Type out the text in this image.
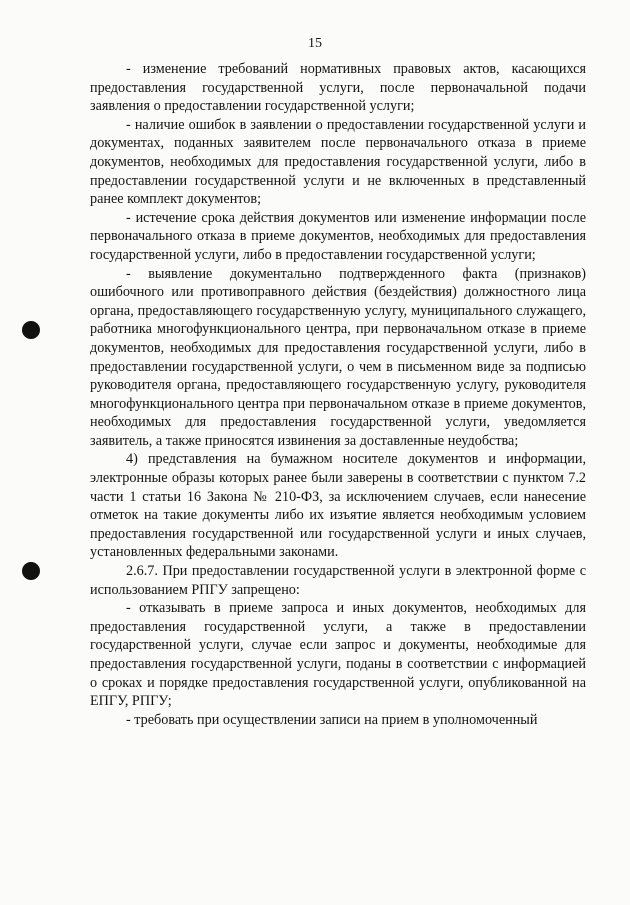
15

- изменение требований нормативных правовых актов, касающихся предоставления государственной услуги, после первоначальной подачи заявления о предоставлении государственной услуги;

- наличие ошибок в заявлении о предоставлении государственной услуги и документах, поданных заявителем после первоначального отказа в приеме документов, необходимых для предоставления государственной услуги, либо в предоставлении государственной услуги и не включенных в представленный ранее комплект документов;

- истечение срока действия документов или изменение информации после первоначального отказа в приеме документов, необходимых для предоставления государственной услуги, либо в предоставлении государственной услуги;

- выявление документально подтвержденного факта (признаков) ошибочного или противоправного действия (бездействия) должностного лица органа, предоставляющего государственную услугу, муниципального служащего, работника многофункционального центра, при первоначальном отказе в приеме документов, необходимых для предоставления государственной услуги, либо в предоставлении государственной услуги, о чем в письменном виде за подписью руководителя органа, предоставляющего государственную услугу, руководителя многофункционального центра при первоначальном отказе в приеме документов, необходимых для предоставления государственной услуги, уведомляется заявитель, а также приносятся извинения за доставленные неудобства;

4) представления на бумажном носителе документов и информации, электронные образы которых ранее были заверены в соответствии с пунктом 7.2 части 1 статьи 16 Закона № 210-ФЗ, за исключением случаев, если нанесение отметок на такие документы либо их изъятие является необходимым условием предоставления государственной или государственной услуги и иных случаев, установленных федеральными законами.

2.6.7. При предоставлении государственной услуги в электронной форме с использованием РПГУ запрещено:

- отказывать в приеме запроса и иных документов, необходимых для предоставления государственной услуги, а также в предоставлении государственной услуги, случае если запрос и документы, необходимые для предоставления государственной услуги, поданы в соответствии с информацией о сроках и порядке предоставления государственной услуги, опубликованной на ЕПГУ, РПГУ;

- требовать при осуществлении записи на прием в уполномоченный
